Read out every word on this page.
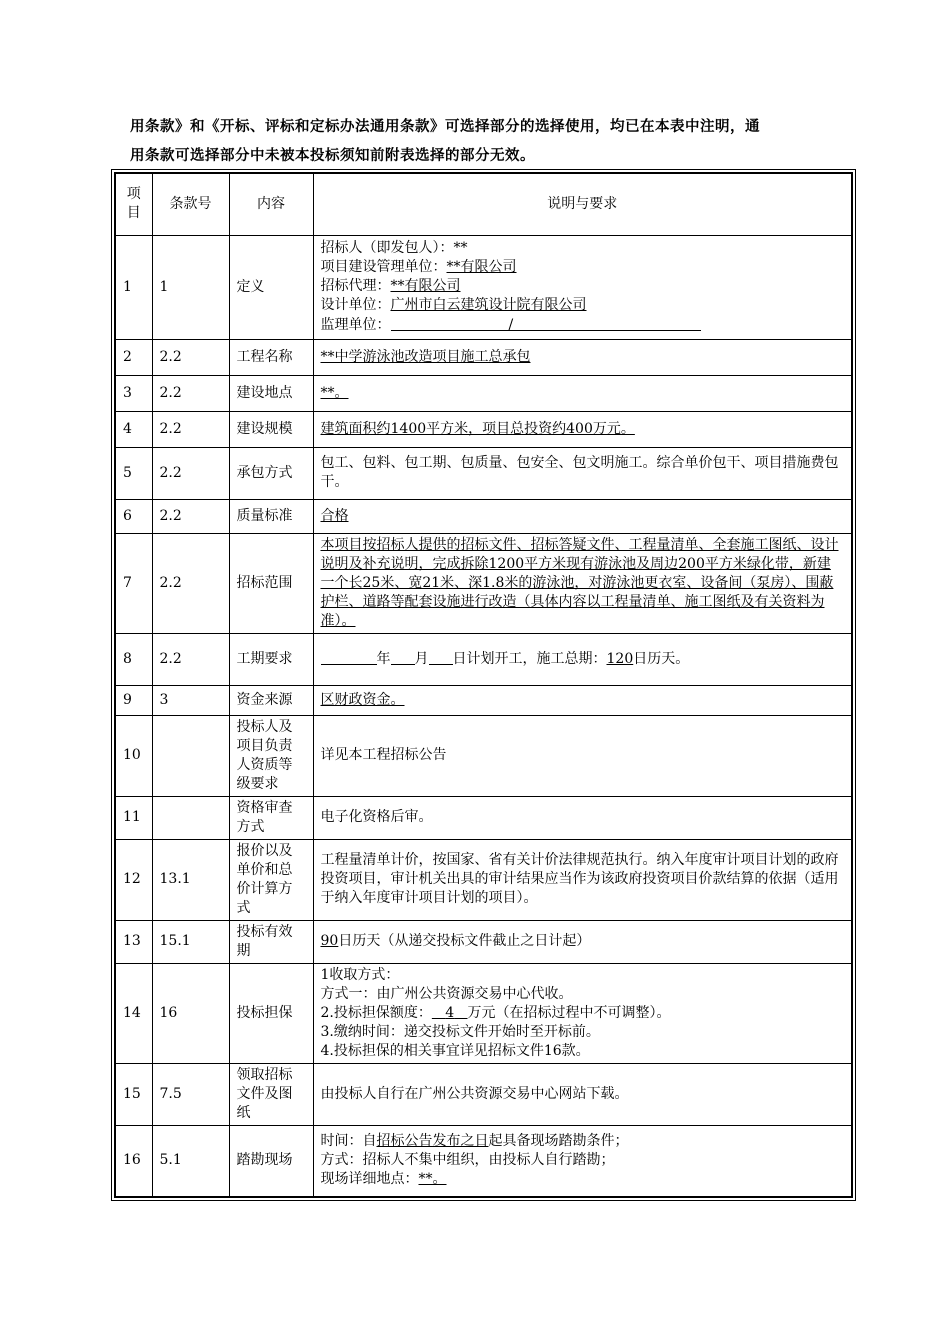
用条款》和《开标、评标和定标办法通用条款》可选择部分的选择使用，均已在本表中注明，通
用条款可选择部分中未被本投标须知前附表选择的部分无效。
项目	条款号	内容	说明与要求
1	1	定义	招标人（即发包人）：**
项目建设管理单位：**有限公司
招标代理：**有限公司
设计单位：广州市白云建筑设计院有限公司
监理单位： /

2	2.2	工程名称	**中学游泳池改造项目施工总承包
3	2.2	建设地点	**。
4	2.2	建设规模	建筑面积约1400平方米，项目总投资约400万元。
5	2.2	承包方式	包工、包料、包工期、包质量、包安全、包文明施工。综合单价包干、项目措施费包干。
6	2.2	质量标准	合格
7	2.2	招标范围	本项目按招标人提供的招标文件、招标答疑文件、工程量清单、全套施工图纸、设计说明及补充说明，完成拆除1200平方米现有游泳池及周边200平方米绿化带，新建一个长25米、宽21米、深1.8米的游泳池，对游泳池更衣室、设备间（泵房）、围蔽护栏、道路等配套设施进行改造（具体内容以工程量清单、施工图纸及有关资料为准）。
8	2.2	工期要求	年 月 日计划开工，施工总期：120日历天。
9	3	资金来源	区财政资金。
10		投标人及项目负责人资质等级要求	详见本工程招标公告
11		资格审查方式	电子化资格后审。
12	13.1	报价以及单价和总价计算方式	工程量清单计价，按国家、省有关计价法律规范执行。纳入年度审计项目计划的政府投资项目，审计机关出具的审计结果应当作为该政府投资项目价款结算的依据（适用于纳入年度审计项目计划的项目）。
13	15.1	投标有效期	90日历天（从递交投标文件截止之日计起）
14	16	投标担保	1收取方式：
方式一：由广州公共资源交易中心代收。
2.投标担保额度： 4 万元（在招标过程中不可调整）。
3.缴纳时间：递交投标文件开始时至开标前。
4.投标担保的相关事宜详见招标文件16款。

15	7.5	领取招标文件及图纸	由投标人自行在广州公共资源交易中心网站下载。
16	5.1	踏勘现场	时间：自招标公告发布之日起具备现场踏勘条件；
方式：招标人不集中组织，由投标人自行踏勘；
现场详细地点：**。
